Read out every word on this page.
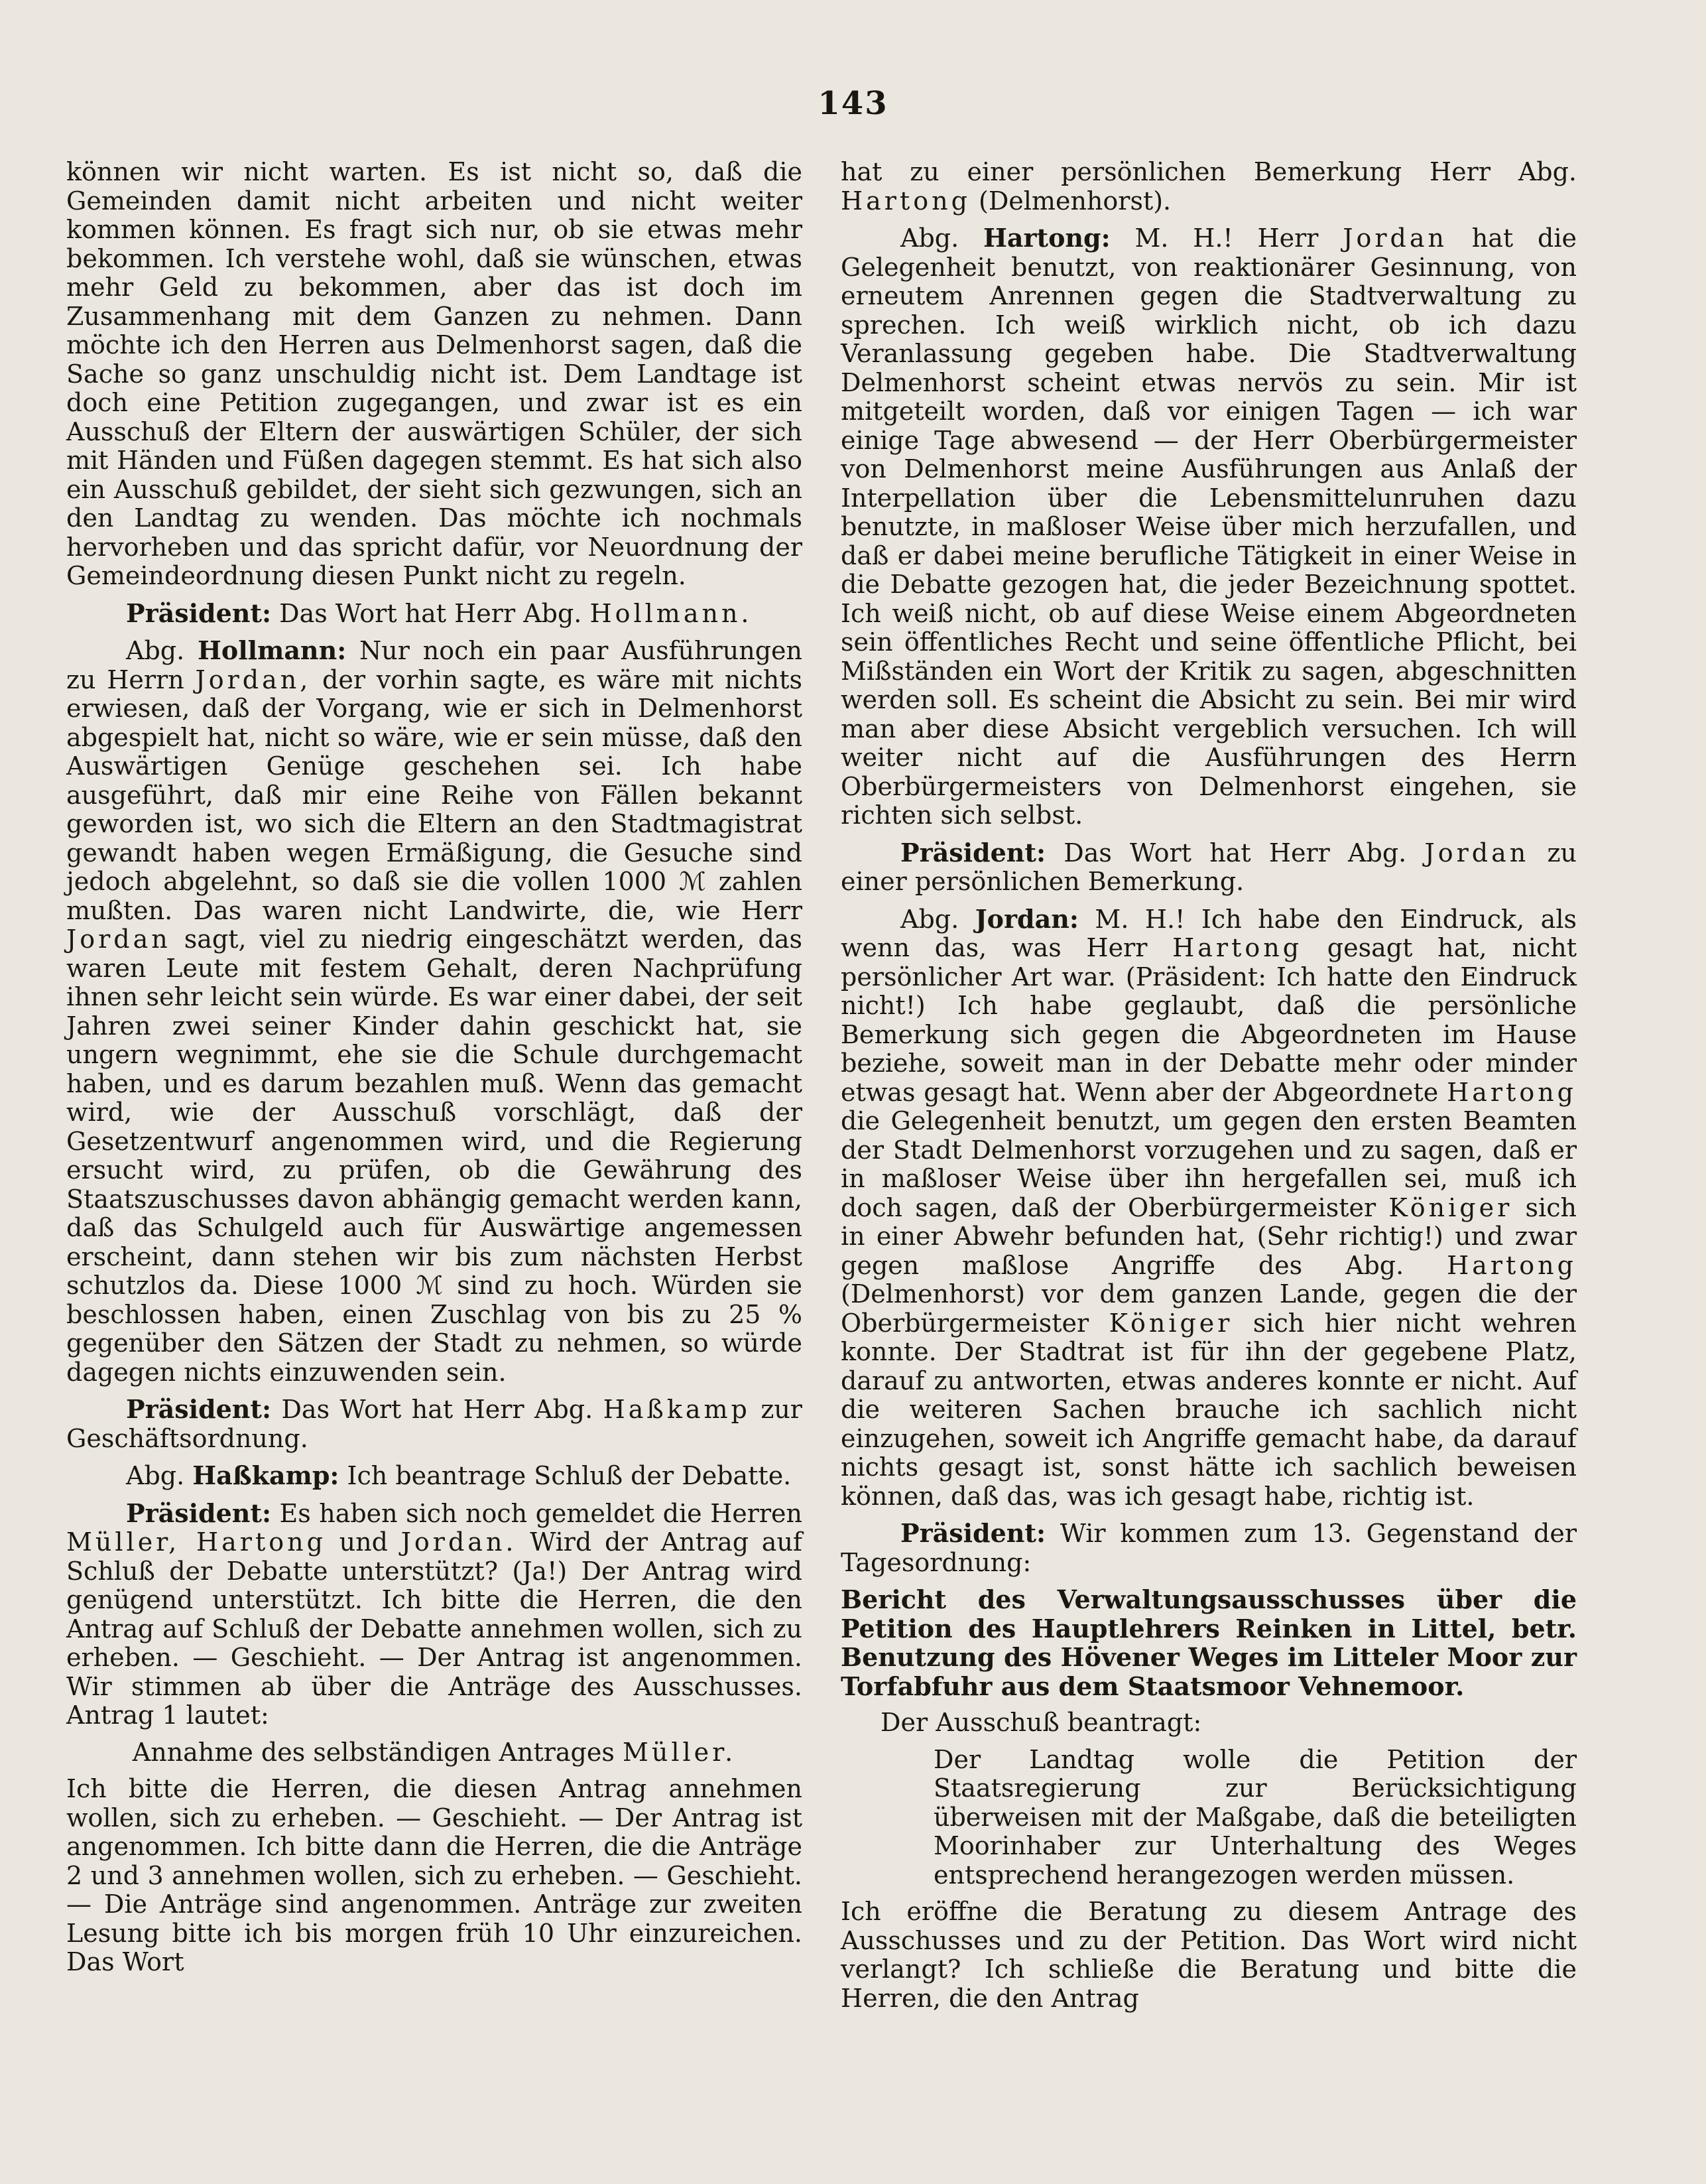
143

können wir nicht warten. Es ist nicht so, daß die Gemeinden damit nicht arbeiten und nicht weiter kommen können. Es fragt sich nur, ob sie etwas mehr bekommen. Ich verstehe wohl, daß sie wünschen, etwas mehr Geld zu bekommen, aber das ist doch im Zusammenhang mit dem Ganzen zu nehmen. Dann möchte ich den Herren aus Delmenhorst sagen, daß die Sache so ganz unschuldig nicht ist. Dem Landtage ist doch eine Petition zugegangen, und zwar ist es ein Ausschuß der Eltern der auswärtigen Schüler, der sich mit Händen und Füßen dagegen stemmt. Es hat sich also ein Ausschuß gebildet, der sieht sich gezwungen, sich an den Landtag zu wenden. Das möchte ich nochmals hervorheben und das spricht dafür, vor Neuordnung der Gemeindeordnung diesen Punkt nicht zu regeln.

Präsident: Das Wort hat Herr Abg. Hollmann.

Abg. Hollmann: Nur noch ein paar Ausführungen zu Herrn Jordan, der vorhin sagte, es wäre mit nichts erwiesen, daß der Vorgang, wie er sich in Delmenhorst abgespielt hat, nicht so wäre, wie er sein müsse, daß den Auswärtigen Genüge geschehen sei. Ich habe ausgeführt, daß mir eine Reihe von Fällen bekannt geworden ist, wo sich die Eltern an den Stadtmagistrat gewandt haben wegen Ermäßigung, die Gesuche sind jedoch abgelehnt, so daß sie die vollen 1000 ℳ zahlen mußten. Das waren nicht Landwirte, die, wie Herr Jordan sagt, viel zu niedrig eingeschätzt werden, das waren Leute mit festem Gehalt, deren Nachprüfung ihnen sehr leicht sein würde. Es war einer dabei, der seit Jahren zwei seiner Kinder dahin geschickt hat, sie ungern wegnimmt, ehe sie die Schule durchgemacht haben, und es darum bezahlen muß. Wenn das gemacht wird, wie der Ausschuß vorschlägt, daß der Gesetzentwurf angenommen wird, und die Regierung ersucht wird, zu prüfen, ob die Gewährung des Staatszuschusses davon abhängig gemacht werden kann, daß das Schulgeld auch für Auswärtige angemessen erscheint, dann stehen wir bis zum nächsten Herbst schutzlos da. Diese 1000 ℳ sind zu hoch. Würden sie beschlossen haben, einen Zuschlag von bis zu 25 % gegenüber den Sätzen der Stadt zu nehmen, so würde dagegen nichts einzuwenden sein.

Präsident: Das Wort hat Herr Abg. Haßkamp zur Geschäftsordnung.

Abg. Haßkamp: Ich beantrage Schluß der Debatte.

Präsident: Es haben sich noch gemeldet die Herren Müller, Hartong und Jordan. Wird der Antrag auf Schluß der Debatte unterstützt? (Ja!) Der Antrag wird genügend unterstützt. Ich bitte die Herren, die den Antrag auf Schluß der Debatte annehmen wollen, sich zu erheben. — Geschieht. — Der Antrag ist angenommen. Wir stimmen ab über die Anträge des Ausschusses. Antrag 1 lautet:

Annahme des selbständigen Antrages Müller.

Ich bitte die Herren, die diesen Antrag annehmen wollen, sich zu erheben. — Geschieht. — Der Antrag ist angenommen. Ich bitte dann die Herren, die die Anträge 2 und 3 annehmen wollen, sich zu erheben. — Geschieht. — Die Anträge sind angenommen. Anträge zur zweiten Lesung bitte ich bis morgen früh 10 Uhr einzureichen. Das Wort

hat zu einer persönlichen Bemerkung Herr Abg. Hartong (Delmenhorst).

Abg. Hartong: M. H.! Herr Jordan hat die Gelegenheit benutzt, von reaktionärer Gesinnung, von erneutem Anrennen gegen die Stadtverwaltung zu sprechen. Ich weiß wirklich nicht, ob ich dazu Veranlassung gegeben habe. Die Stadtverwaltung Delmenhorst scheint etwas nervös zu sein. Mir ist mitgeteilt worden, daß vor einigen Tagen — ich war einige Tage abwesend — der Herr Oberbürgermeister von Delmenhorst meine Ausführungen aus Anlaß der Interpellation über die Lebensmittelunruhen dazu benutzte, in maßloser Weise über mich herzufallen, und daß er dabei meine berufliche Tätigkeit in einer Weise in die Debatte gezogen hat, die jeder Bezeichnung spottet. Ich weiß nicht, ob auf diese Weise einem Abgeordneten sein öffentliches Recht und seine öffentliche Pflicht, bei Mißständen ein Wort der Kritik zu sagen, abgeschnitten werden soll. Es scheint die Absicht zu sein. Bei mir wird man aber diese Absicht vergeblich versuchen. Ich will weiter nicht auf die Ausführungen des Herrn Oberbürgermeisters von Delmenhorst eingehen, sie richten sich selbst.

Präsident: Das Wort hat Herr Abg. Jordan zu einer persönlichen Bemerkung.

Abg. Jordan: M. H.! Ich habe den Eindruck, als wenn das, was Herr Hartong gesagt hat, nicht persönlicher Art war. (Präsident: Ich hatte den Eindruck nicht!) Ich habe geglaubt, daß die persönliche Bemerkung sich gegen die Abgeordneten im Hause beziehe, soweit man in der Debatte mehr oder minder etwas gesagt hat. Wenn aber der Abgeordnete Hartong die Gelegenheit benutzt, um gegen den ersten Beamten der Stadt Delmenhorst vorzugehen und zu sagen, daß er in maßloser Weise über ihn hergefallen sei, muß ich doch sagen, daß der Oberbürgermeister Königer sich in einer Abwehr befunden hat, (Sehr richtig!) und zwar gegen maßlose Angriffe des Abg. Hartong (Delmenhorst) vor dem ganzen Lande, gegen die der Oberbürgermeister Königer sich hier nicht wehren konnte. Der Stadtrat ist für ihn der gegebene Platz, darauf zu antworten, etwas anderes konnte er nicht. Auf die weiteren Sachen brauche ich sachlich nicht einzugehen, soweit ich Angriffe gemacht habe, da darauf nichts gesagt ist, sonst hätte ich sachlich beweisen können, daß das, was ich gesagt habe, richtig ist.

Präsident: Wir kommen zum 13. Gegenstand der Tagesordnung:

Bericht des Verwaltungsausschusses über die Petition des Hauptlehrers Reinken in Littel, betr. Benutzung des Hövener Weges im Litteler Moor zur Torfabfuhr aus dem Staatsmoor Vehnemoor.

Der Ausschuß beantragt:

Der Landtag wolle die Petition der Staatsregierung zur Berücksichtigung überweisen mit der Maßgabe, daß die beteiligten Moorinhaber zur Unterhaltung des Weges entsprechend herangezogen werden müssen.

Ich eröffne die Beratung zu diesem Antrage des Ausschusses und zu der Petition. Das Wort wird nicht verlangt? Ich schließe die Beratung und bitte die Herren, die den Antrag
